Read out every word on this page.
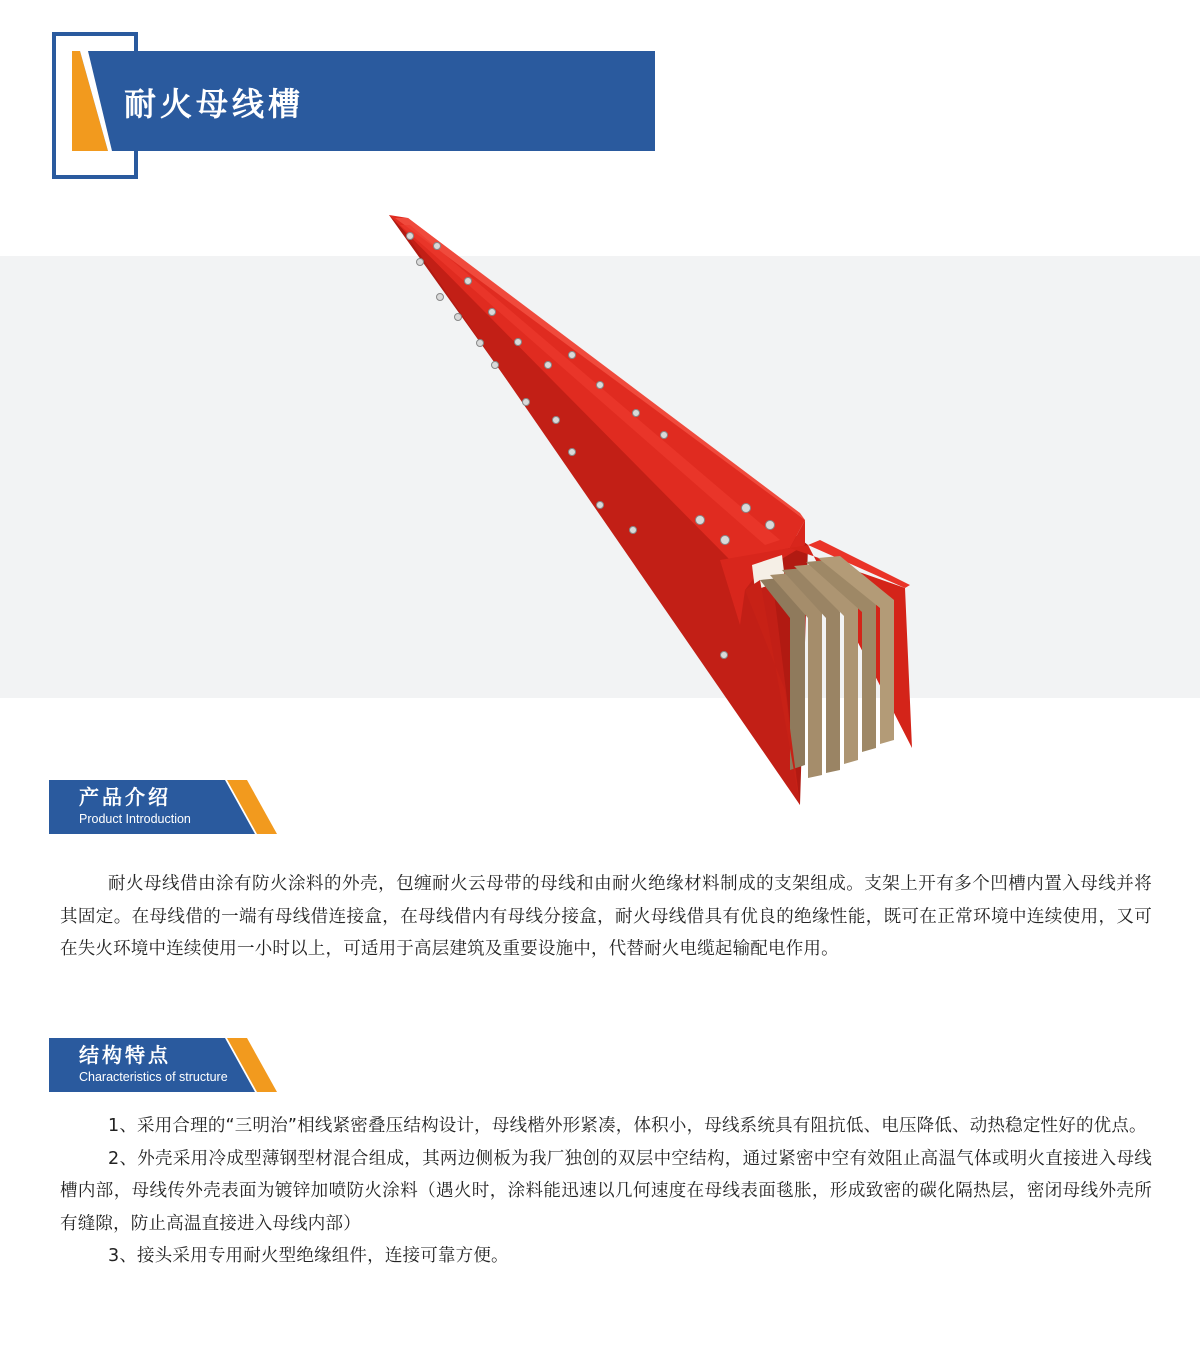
耐火母线槽
产品介绍
Product Introduction

耐火母线借由涂有防火涂料的外壳，包缠耐火云母带的母线和由耐火绝缘材料制成的支架组成。支架上开有多个凹槽内置入母线并将其固定。在母线借的一端有母线借连接盒，在母线借内有母线分接盒，耐火母线借具有优良的绝缘性能，既可在正常环境中连续使用，又可在失火环境中连续使用一小时以上，可适用于高层建筑及重要设施中，代替耐火电缆起输配电作用。

结构特点
Characteristics of structure

1、采用合理的“三明治”相线紧密叠压结构设计，母线楷外形紧凑，体积小，母线系统具有阻抗低、电压降低、动热稳定性好的优点。

2、外壳采用冷成型薄钢型材混合组成，其两边侧板为我厂独创的双层中空结构，通过紧密中空有效阻止高温气体或明火直接进入母线槽内部，母线传外壳表面为镀锌加喷防火涂料（遇火时，涂料能迅速以几何速度在母线表面毯胀，形成致密的碳化隔热层，密闭母线外壳所有缝隙，防止高温直接进入母线内部）

3、接头采用专用耐火型绝缘组件，连接可靠方便。
